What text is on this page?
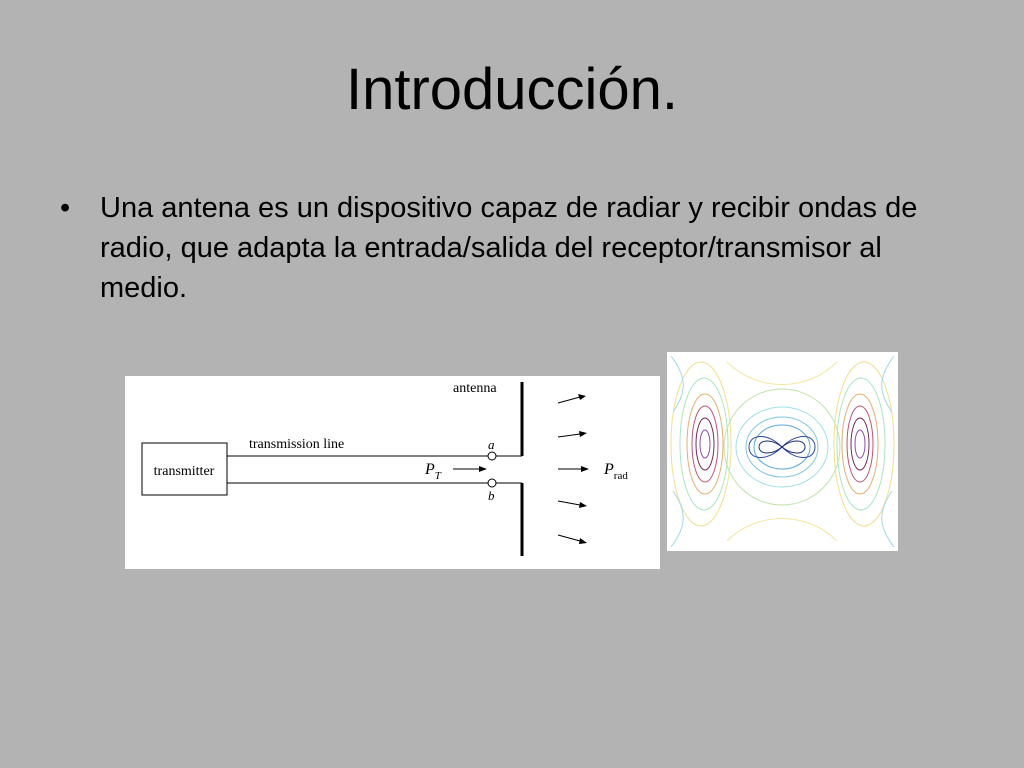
Introducción.
• Una antena es un dispositivo capaz de radiar y recibir ondas de radio, que adapta la entrada/salida del receptor/transmisor al medio.
transmitter
transmission line	a
b
antenna
$P_T$	$P_{rad}$
